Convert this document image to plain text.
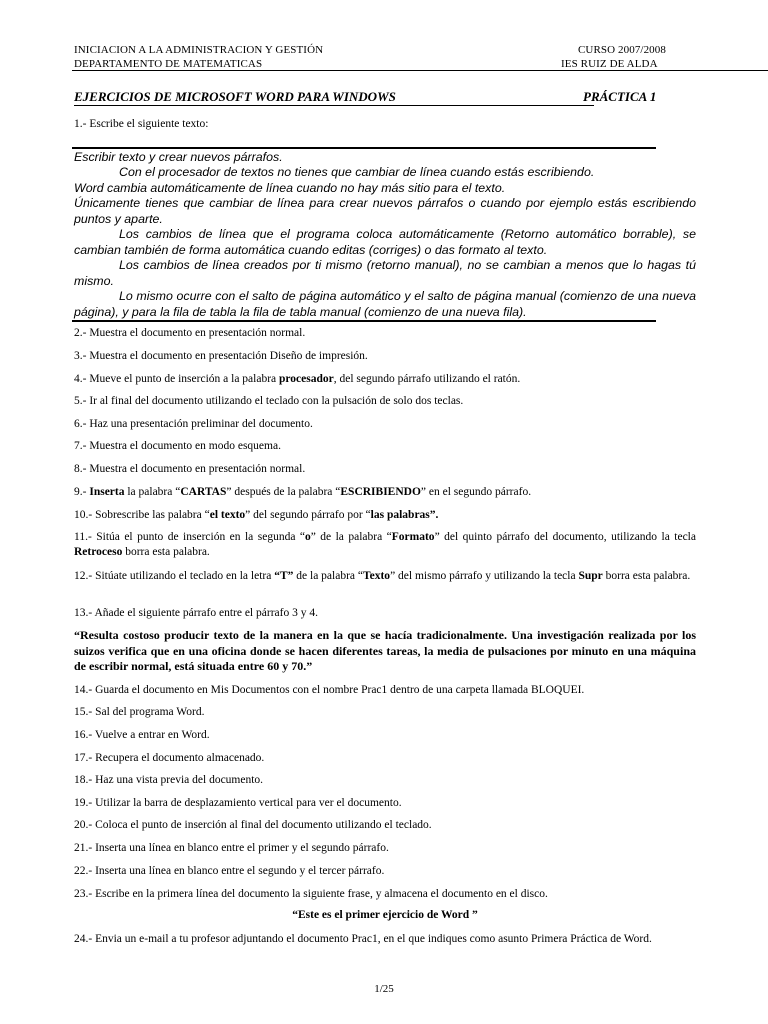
INICIACION A LA ADMINISTRACION Y GESTIÓN
DEPARTAMENTO DE MATEMATICAS
CURSO 2007/2008
IES RUIZ DE ALDA
EJERCICIOS DE MICROSOFT WORD PARA WINDOWS	PRÁCTICA 1
1.- Escribe el siguiente texto:
Escribir texto y crear nuevos párrafos.
Con el procesador de textos no tienes que cambiar de línea cuando estás escribiendo.
Word cambia automáticamente de línea cuando no hay más sitio para el texto.
Únicamente tienes que cambiar de línea para crear nuevos párrafos o cuando por ejemplo estás escribiendo puntos y aparte.
Los cambios de línea que el programa coloca automáticamente (Retorno automático borrable), se cambian también de forma automática cuando editas (corriges) o das formato al texto.
Los cambios de línea creados por ti mismo (retorno manual), no se cambian a menos que lo hagas tú mismo.
Lo mismo ocurre con el salto de página automático y el salto de página manual (comienzo de una nueva página), y para la fila de tabla la fila de tabla manual (comienzo de una nueva fila).
2.- Muestra el documento en presentación normal.
3.- Muestra el documento en presentación Diseño de impresión.
4.- Mueve el punto de inserción a la palabra procesador, del segundo párrafo utilizando el ratón.
5.- Ir al final del documento utilizando el teclado con la pulsación de solo dos teclas.
6.- Haz una presentación preliminar del documento.
7.- Muestra el documento en modo esquema.
8.- Muestra el documento en presentación normal.
9.- Inserta la palabra “CARTAS” después de la palabra “ESCRIBIENDO” en el segundo párrafo.
10.- Sobrescribe las palabra “el texto” del segundo párrafo por “las palabras”.
11.- Sitúa el punto de inserción en la segunda “o” de la palabra “Formato” del quinto párrafo del documento, utilizando la tecla Retroceso borra esta palabra.
12.- Sitúate utilizando el teclado en la letra “T” de la palabra “Texto” del mismo párrafo y utilizando la tecla Supr borra esta palabra.
13.- Añade el siguiente párrafo entre el párrafo 3 y 4.
“Resulta costoso producir texto de la manera en la que se hacía tradicionalmente. Una investigación realizada por los suizos verifica que en una oficina donde se hacen diferentes tareas, la media de pulsaciones por minuto en una máquina de escribir normal, está situada entre 60 y 70.”
14.- Guarda el documento en Mis Documentos con el nombre Prac1 dentro de una carpeta llamada BLOQUEI.
15.- Sal del programa Word.
16.- Vuelve a entrar en Word.
17.- Recupera el documento almacenado.
18.- Haz una vista previa del documento.
19.- Utilizar la barra de desplazamiento vertical para ver el documento.
20.- Coloca el punto de inserción al final del documento utilizando el teclado.
21.- Inserta una línea en blanco entre el primer y el segundo párrafo.
22.- Inserta una línea en blanco entre el segundo y el tercer párrafo.
23.- Escribe en la primera línea del documento la siguiente frase, y almacena el documento en el disco.
“Este es el primer ejercicio de Word ”
24.- Envia un e-mail a tu profesor adjuntando el documento Prac1, en el que indiques como asunto Primera Práctica de Word.
1/25
